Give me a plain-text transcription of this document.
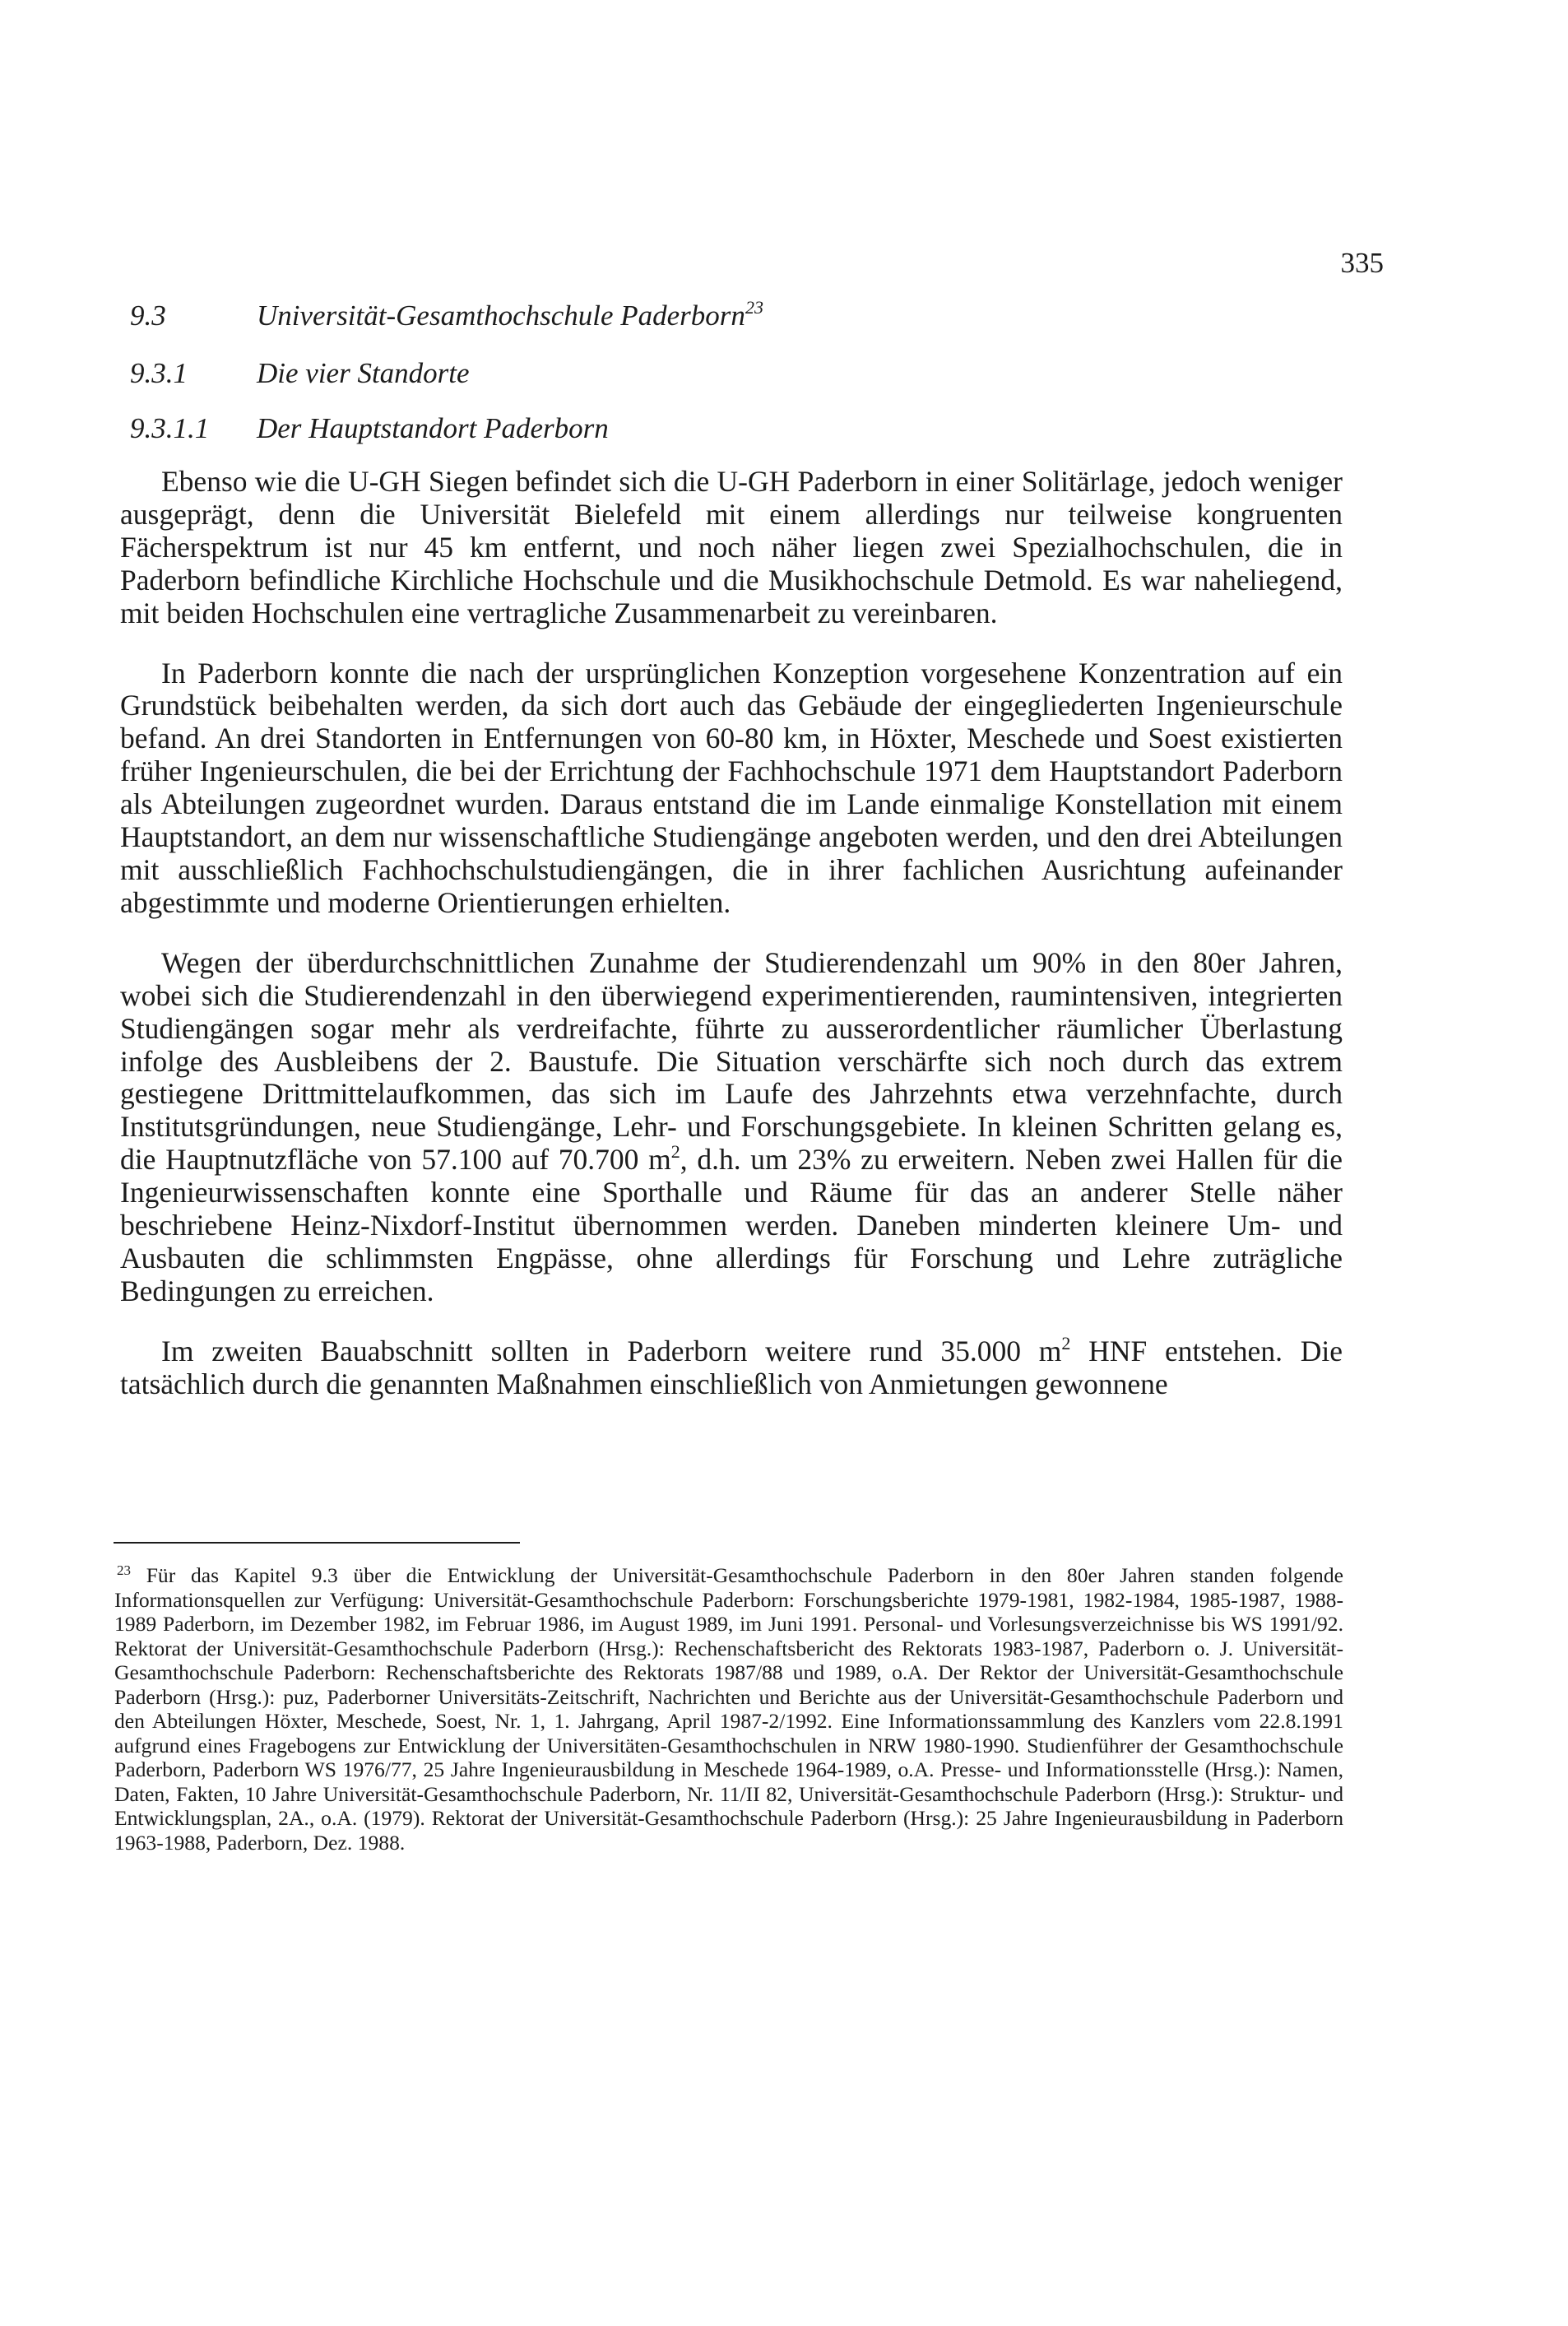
335
9.3	Universität-Gesamthochschule Paderborn$^{23}$
9.3.1 Die vier Standorte
9.3.1.1 Der Hauptstandort Paderborn

Ebenso wie die U-GH Siegen befindet sich die U-GH Paderborn in einer Solitärlage, jedoch weniger ausgeprägt, denn die Universität Bielefeld mit einem allerdings nur teilweise kongruenten Fächerspektrum ist nur 45 km entfernt, und noch näher liegen zwei Spezialhochschulen, die in Paderborn befindliche Kirchliche Hochschule und die Musikhochschule Detmold. Es war naheliegend, mit beiden Hochschulen eine vertragliche Zusammenarbeit zu vereinbaren.

In Paderborn konnte die nach der ursprünglichen Konzeption vorgesehene Konzentration auf ein Grundstück beibehalten werden, da sich dort auch das Gebäude der eingegliederten Ingenieurschule befand. An drei Standorten in Entfernungen von 60-80 km, in Höxter, Meschede und Soest existierten früher Ingenieurschulen, die bei der Errichtung der Fachhochschule 1971 dem Hauptstandort Paderborn als Abteilungen zugeordnet wurden. Daraus entstand die im Lande einmalige Konstellation mit einem Hauptstandort, an dem nur wissenschaftliche Studiengänge angeboten werden, und den drei Abteilungen mit ausschließlich Fachhochschulstudiengängen, die in ihrer fachlichen Ausrichtung aufeinander abgestimmte und moderne Orientierungen erhielten.

Wegen der überdurchschnittlichen Zunahme der Studierendenzahl um 90% in den 80er Jahren, wobei sich die Studierendenzahl in den überwiegend experimentierenden, raumintensiven, integrierten Studiengängen sogar mehr als verdreifachte, führte zu ausserordentlicher räumlicher Überlastung infolge des Ausbleibens der 2. Baustufe. Die Situation verschärfte sich noch durch das extrem gestiegene Drittmittelaufkommen, das sich im Laufe des Jahrzehnts etwa verzehnfachte, durch Institutsgründungen, neue Studiengänge, Lehr- und Forschungsgebiete. In kleinen Schritten gelang es, die Hauptnutzfläche von 57.100 auf 70.700 $m^2$, d.h. um 23% zu erweitern. Neben zwei Hallen für die Ingenieurwissenschaften konnte eine Sporthalle und Räume für das an anderer Stelle näher beschriebene Heinz-Nixdorf-Institut übernommen werden. Daneben minderten kleinere Um- und Ausbauten die schlimmsten Engpässe, ohne allerdings für Forschung und Lehre zuträgliche Bedingungen zu erreichen.

Im zweiten Bauabschnitt sollten in Paderborn weitere rund 35.000 $m^2$ HNF entstehen. Die tatsächlich durch die genannten Maßnahmen einschließlich von Anmietungen gewonnene

$^{23}$ Für das Kapitel 9.3 über die Entwicklung der Universität-Gesamthochschule Paderborn in den 80er Jahren standen folgende Informationsquellen zur Verfügung: Universität-Gesamthochschule Paderborn: Forschungsberichte 1979-1981, 1982-1984, 1985-1987, 1988-1989 Paderborn, im Dezember 1982, im Februar 1986, im August 1989, im Juni 1991. Personal- und Vorlesungsverzeichnisse bis WS 1991/92. Rektorat der Universität-Gesamthochschule Paderborn (Hrsg.): Rechenschaftsbericht des Rektorats 1983-1987, Paderborn o. J. Universität-Gesamthochschule Paderborn: Rechenschaftsberichte des Rektorats 1987/88 und 1989, o.A. Der Rektor der Universität-Gesamthochschule Paderborn (Hrsg.): puz, Paderborner Universitäts-Zeitschrift, Nachrichten und Berichte aus der Universität-Gesamthochschule Paderborn und den Abteilungen Höxter, Meschede, Soest, Nr. 1, 1. Jahrgang, April 1987-2/1992. Eine Informationssammlung des Kanzlers vom 22.8.1991 aufgrund eines Fragebogens zur Entwicklung der Universitäten-Gesamthochschulen in NRW 1980-1990. Studienführer der Gesamthochschule Paderborn, Paderborn WS 1976/77, 25 Jahre Ingenieurausbildung in Meschede 1964-1989, o.A. Presse- und Informationsstelle (Hrsg.): Namen, Daten, Fakten, 10 Jahre Universität-Gesamthochschule Paderborn, Nr. 11/II 82, Universität-Gesamthochschule Paderborn (Hrsg.): Struktur- und Entwicklungsplan, 2A., o.A. (1979). Rektorat der Universität-Gesamthochschule Paderborn (Hrsg.): 25 Jahre Ingenieurausbildung in Paderborn 1963-1988, Paderborn, Dez. 1988.
